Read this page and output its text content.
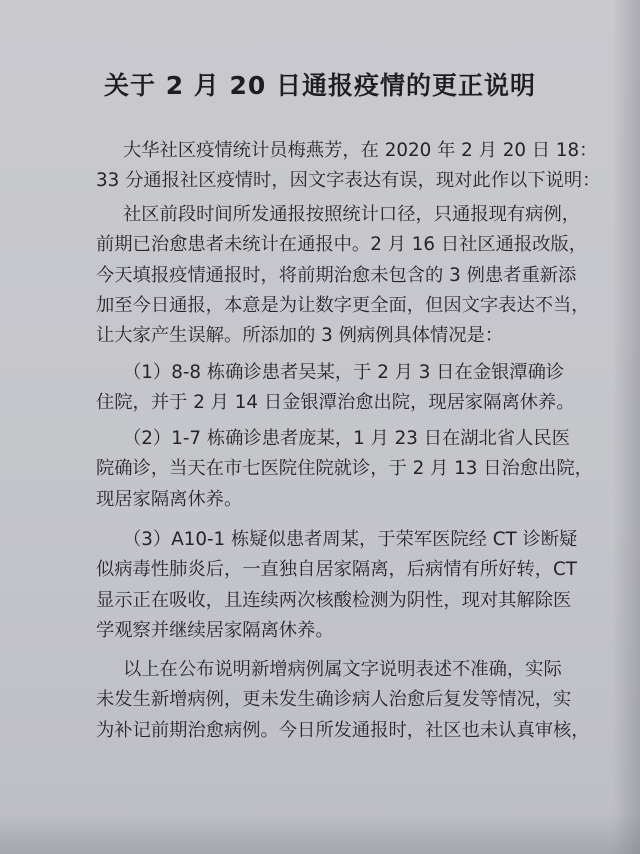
关于 2 月 20 日通报疫情的更正说明
大华社区疫情统计员梅燕芳，在 2020 年 2 月 20 日 18：
33 分通报社区疫情时，因文字表达有误，现对此作以下说明：
社区前段时间所发通报按照统计口径，只通报现有病例，
前期已治愈患者未统计在通报中。2 月 16 日社区通报改版，
今天填报疫情通报时，将前期治愈未包含的 3 例患者重新添
加至今日通报，本意是为让数字更全面，但因文字表达不当，
让大家产生误解。所添加的 3 例病例具体情况是：
（1）8-8 栋确诊患者吴某，于 2 月 3 日在金银潭确诊
住院，并于 2 月 14 日金银潭治愈出院，现居家隔离休养。
（2）1-7 栋确诊患者庞某，1 月 23 日在湖北省人民医
院确诊，当天在市七医院住院就诊，于 2 月 13 日治愈出院，
现居家隔离休养。
（3）A10-1 栋疑似患者周某，于荣军医院经 CT 诊断疑
似病毒性肺炎后，一直独自居家隔离，后病情有所好转，CT
显示正在吸收，且连续两次核酸检测为阴性，现对其解除医
学观察并继续居家隔离休养。
以上在公布说明新增病例属文字说明表述不准确，实际
未发生新增病例，更未发生确诊病人治愈后复发等情况，实
为补记前期治愈病例。今日所发通报时，社区也未认真审核，
